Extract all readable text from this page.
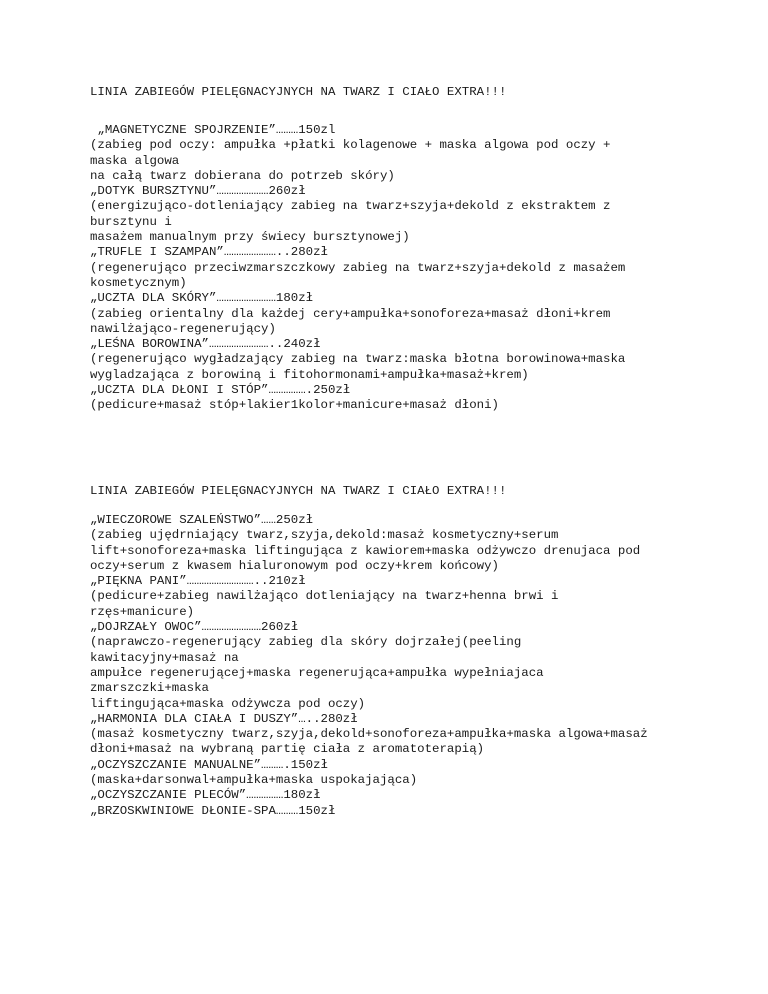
LINIA ZABIEGÓW PIELĘGNACYJNYCH NA TWARZ I CIAŁO EXTRA!!!

„MAGNETYCZNE SPOJRZENIE”………150zl

(zabieg pod oczy: ampułka +płatki kolagenowe + maska algowa pod oczy +

maska algowa

na całą twarz dobierana do potrzeb skóry)

„DOTYK BURSZTYNU”…………………260zł

(energizująco-dotleniający zabieg na twarz+szyja+dekold z ekstraktem z

bursztynu i

masażem manualnym przy świecy bursztynowej)

„TRUFLE I SZAMPAN”…………………..280zł

(regenerująco przeciwzmarszczkowy zabieg na twarz+szyja+dekold z masażem

kosmetycznym)

„UCZTA DLA SKÓRY”……………………180zł

(zabieg orientalny dla każdej cery+ampułka+sonoforeza+masaż dłoni+krem

nawilżająco-regenerujący)

„LEŚNA BOROWINA”……………………..240zł

(regenerująco wygładzający zabieg na twarz:maska błotna borowinowa+maska

wygladzająca z borowiną i fitohormonami+ampułka+masaż+krem)

„UCZTA DLA DŁONI I STÓP”…………….250zł

(pedicure+masaż stóp+lakier1kolor+manicure+masaż dłoni)

LINIA ZABIEGÓW PIELĘGNACYJNYCH NA TWARZ I CIAŁO EXTRA!!!

„WIECZOROWE SZALEŃSTWO”……250zł

(zabieg ujędrniający twarz,szyja,dekold:masaż kosmetyczny+serum

lift+sonoforeza+maska liftingująca z kawiorem+maska odżywczo drenujaca pod

oczy+serum z kwasem hialuronowym pod oczy+krem końcowy)

„PIĘKNA PANI”………………………..210zł

(pedicure+zabieg nawilżająco dotleniający na twarz+henna brwi i

rzęs+manicure)

„DOJRZAŁY OWOC”……………………260zł

(naprawczo-regenerujący zabieg dla skóry dojrzałej(peeling

kawitacyjny+masaż na

ampułce regenerującej+maska regenerująca+ampułka wypełniajaca

zmarszczki+maska

liftingująca+maska odżywcza pod oczy)

„HARMONIA DLA CIAŁA I DUSZY”…..280zł

(masaż kosmetyczny twarz,szyja,dekold+sonoforeza+ampułka+maska algowa+masaż

dłoni+masaż na wybraną partię ciała z aromatoterapią)

„OCZYSZCZANIE MANUALNE”……….150zł

(maska+darsonwal+ampułka+maska uspokajająca)

„OCZYSZCZANIE PLECÓW”……………180zł

„BRZOSKWINIOWE DŁONIE-SPA………150zł
